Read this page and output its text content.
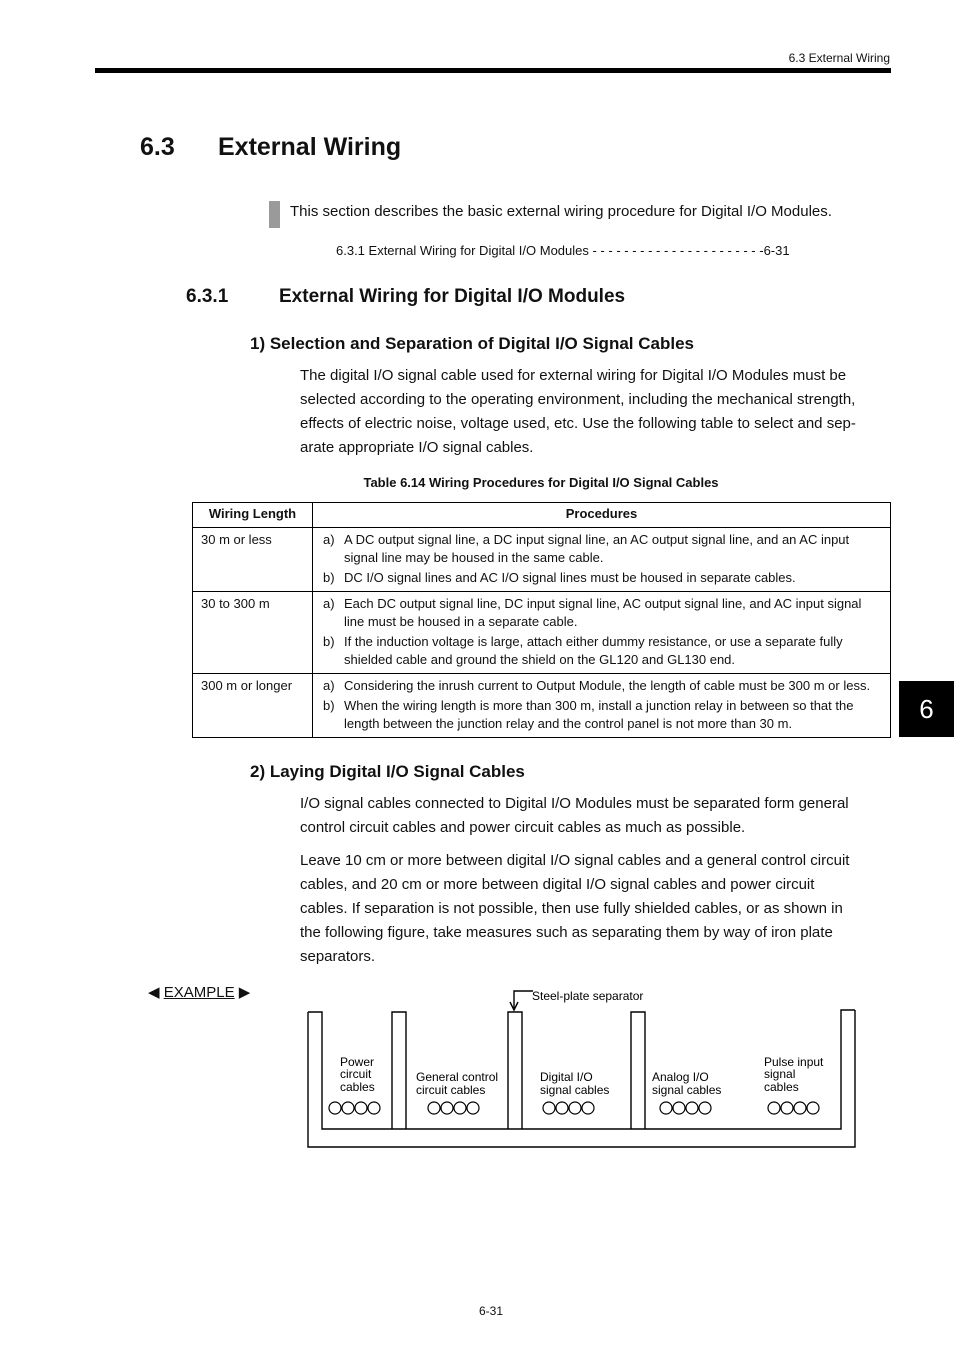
6.3 External Wiring
6.3 External Wiring
This section describes the basic external wiring procedure for Digital I/O Modules.
6.3.1 External Wiring for Digital I/O Modules - - - - - - - - - - - - - - - - - - - - - -6-31
6.3.1	External Wiring for Digital I/O Modules
1) Selection and Separation of Digital I/O Signal Cables
The digital I/O signal cable used for external wiring for Digital I/O Modules must be
selected according to the operating environment, including the mechanical strength,
effects of electric noise, voltage used, etc. Use the following table to select and sep-
arate appropriate I/O signal cables.
Table 6.14 Wiring Procedures for Digital I/O Signal Cables
Wiring Length	Procedures
30 m or less	a) A DC output signal line, a DC input signal line, an AC output signal line, and an AC input signal line may be housed in the same cable.
b) DC I/O signal lines and AC I/O signal lines must be housed in separate cables.

30 to 300 m	a) Each DC output signal line, DC input signal line, AC output signal line, and AC input signal line must be housed in a separate cable.
b) If the induction voltage is large, attach either dummy resistance, or use a separate fully shielded cable and ground the shield on the GL120 and GL130 end.

300 m or longer	a) Considering the inrush current to Output Module, the length of cable must be 300 m or less.
b) When the wiring length is more than 300 m, install a junction relay in between so that the length between the junction relay and the control panel is not more than 30 m.
2) Laying Digital I/O Signal Cables
I/O signal cables connected to Digital I/O Modules must be separated form general
control circuit cables and power circuit cables as much as possible.
Leave 10 cm or more between digital I/O signal cables and a general control circuit
cables, and 20 cm or more between digital I/O signal cables and power circuit
cables. If separation is not possible, then use fully shielded cables, or as shown in
the following figure, take measures such as separating them by way of iron plate
separators.
◀ EXAMPLE ▶	Steel-plate separator
Power
circuit
cables
General control
circuit cables
Digital I/O
signal cables
Analog I/O
signal cables
Pulse input
signal
cables
6-31
6
